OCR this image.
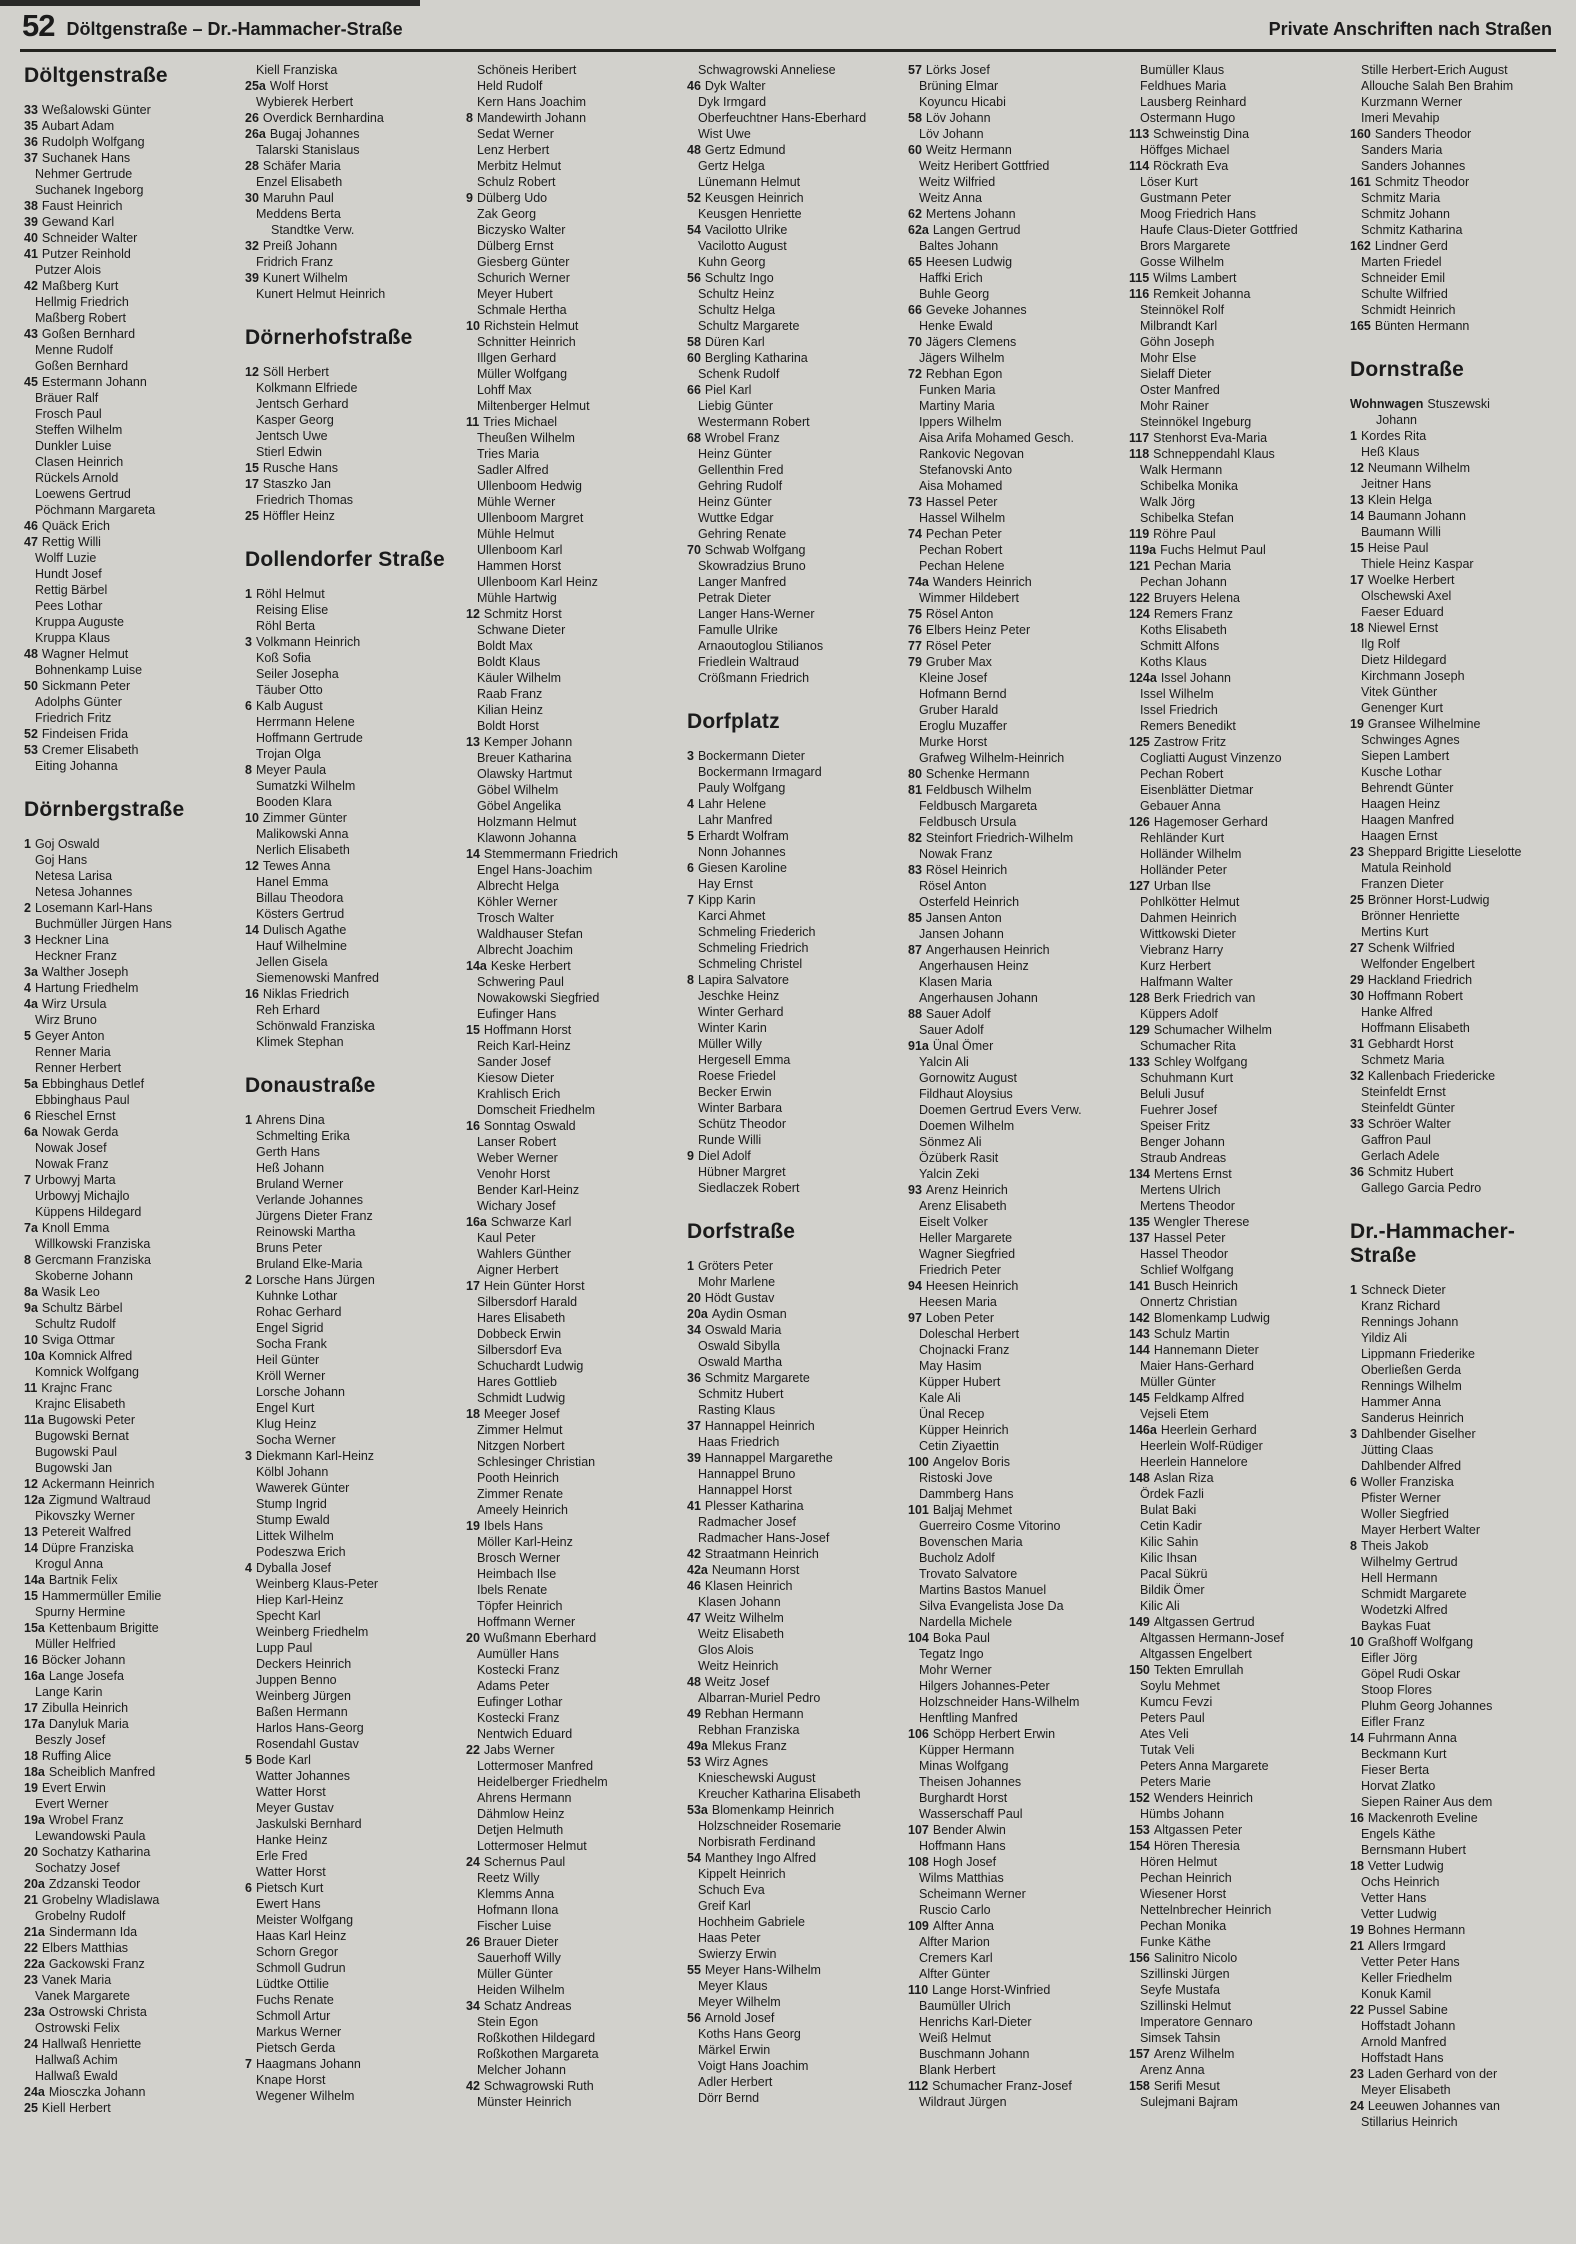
52 Döltgenstraße – Dr.-Hammacher-Straße	Private Anschriften nach Straßen
Döltgenstraße
33 Weßalowski Günter
35 Aubart Adam
36 Rudolph Wolfgang
37 Suchanek Hans
Nehmer Gertrude
Suchanek Ingeborg
38 Faust Heinrich
39 Gewand Karl
40 Schneider Walter
41 Putzer Reinhold
Putzer Alois
42 Maßberg Kurt
Hellmig Friedrich
Maßberg Robert
43 Goßen Bernhard
Menne Rudolf
Goßen Bernhard
45 Estermann Johann
Bräuer Ralf
Frosch Paul
Steffen Wilhelm
Dunkler Luise
Clasen Heinrich
Rückels Arnold
Loewens Gertrud
Pöchmann Margareta
46 Quäck Erich
47 Rettig Willi
Wolff Luzie
Hundt Josef
Rettig Bärbel
Pees Lothar
Kruppa Auguste
Kruppa Klaus
48 Wagner Helmut
Bohnenkamp Luise
50 Sickmann Peter
Adolphs Günter
Friedrich Fritz
52 Findeisen Frida
53 Cremer Elisabeth
Eiting Johanna
Dörnbergstraße
1 Goj Oswald
Goj Hans
Netesa Larisa
Netesa Johannes
2 Losemann Karl-Hans
Buchmüller Jürgen Hans
3 Heckner Lina
Heckner Franz
3a Walther Joseph
4 Hartung Friedhelm
4a Wirz Ursula
Wirz Bruno
5 Geyer Anton
Renner Maria
Renner Herbert
5a Ebbinghaus Detlef
Ebbinghaus Paul
6 Rieschel Ernst
6a Nowak Gerda
Nowak Josef
Nowak Franz
7 Urbowyj Marta
Urbowyj Michajlo
Küppens Hildegard
7a Knoll Emma
Willkowski Franziska
8 Gercmann Franziska
Skoberne Johann
8a Wasik Leo
9a Schultz Bärbel
Schultz Rudolf
10 Sviga Ottmar
10a Komnick Alfred
Komnick Wolfgang
11 Krajnc Franc
Krajnc Elisabeth
11a Bugowski Peter
Bugowski Bernat
Bugowski Paul
Bugowski Jan
12 Ackermann Heinrich
12a Zigmund Waltraud
Pikovszky Werner
13 Petereit Walfred
14 Düpre Franziska
Krogul Anna
14a Bartnik Felix
15 Hammermüller Emilie
Spurny Hermine
15a Kettenbaum Brigitte
Müller Helfried
16 Böcker Johann
16a Lange Josefa
Lange Karin
17 Zibulla Heinrich
17a Danyluk Maria
Beszly Josef
18 Ruffing Alice
18a Scheiblich Manfred
19 Evert Erwin
Evert Werner
19a Wrobel Franz
Lewandowski Paula
20 Sochatzy Katharina
Sochatzy Josef
20a Zdzanski Teodor
21 Grobelny Wladislawa
Grobelny Rudolf
21a Sindermann Ida
22 Elbers Matthias
22a Gackowski Franz
23 Vanek Maria
Vanek Margarete
23a Ostrowski Christa
Ostrowski Felix
24 Hallwaß Henriette
Hallwaß Achim
Hallwaß Ewald
24a Miosczka Johann
25 Kiell Herbert
Kiell Franziska
25a Wolf Horst
Wybierek Herbert
26 Overdick Bernhardina
26a Bugaj Johannes
Talarski Stanislaus
28 Schäfer Maria
Enzel Elisabeth
30 Maruhn Paul
Meddens Berta
Standtke Verw.
32 Preiß Johann
Fridrich Franz
39 Kunert Wilhelm
Kunert Helmut Heinrich
Dörnerhofstraße
12 Söll Herbert
Kolkmann Elfriede
Jentsch Gerhard
Kasper Georg
Jentsch Uwe
Stierl Edwin
15 Rusche Hans
17 Staszko Jan
Friedrich Thomas
25 Höffler Heinz
Dollendorfer Straße
1 Röhl Helmut
Reising Elise
Röhl Berta
3 Volkmann Heinrich
Koß Sofia
Seiler Josepha
Täuber Otto
6 Kalb August
Herrmann Helene
Hoffmann Gertrude
Trojan Olga
8 Meyer Paula
Sumatzki Wilhelm
Booden Klara
10 Zimmer Günter
Malikowski Anna
Nerlich Elisabeth
12 Tewes Anna
Hanel Emma
Billau Theodora
Kösters Gertrud
14 Dulisch Agathe
Hauf Wilhelmine
Jellen Gisela
Siemenowski Manfred
16 Niklas Friedrich
Reh Erhard
Schönwald Franziska
Klimek Stephan
Donaustraße
1 Ahrens Dina
Schmelting Erika
Gerth Hans
Heß Johann
Bruland Werner
Verlande Johannes
Jürgens Dieter Franz
Reinowski Martha
Bruns Peter
Bruland Elke-Maria
2 Lorsche Hans Jürgen
Kuhnke Lothar
Rohac Gerhard
Engel Sigrid
Socha Frank
Heil Günter
Kröll Werner
Lorsche Johann
Engel Kurt
Klug Heinz
Socha Werner
3 Diekmann Karl-Heinz
Kölbl Johann
Wawerek Günter
Stump Ingrid
Stump Ewald
Littek Wilhelm
Podeszwa Erich
4 Dyballa Josef
Weinberg Klaus-Peter
Hiep Karl-Heinz
Specht Karl
Weinberg Friedhelm
Lupp Paul
Deckers Heinrich
Juppen Benno
Weinberg Jürgen
Baßen Hermann
Harlos Hans-Georg
Rosendahl Gustav
5 Bode Karl
Watter Johannes
Watter Horst
Meyer Gustav
Jaskulski Bernhard
Hanke Heinz
Erle Fred
Watter Horst
6 Pietsch Kurt
Ewert Hans
Meister Wolfgang
Haas Karl Heinz
Schorn Gregor
Schmoll Gudrun
Lüdtke Ottilie
Fuchs Renate
Schmoll Artur
Markus Werner
Pietsch Gerda
7 Haagmans Johann
Knape Horst
Wegener Wilhelm
Schöneis Heribert
Held Rudolf
Kern Hans Joachim
8 Mandewirth Johann
Sedat Werner
Lenz Herbert
Merbitz Helmut
Schulz Robert
9 Dülberg Udo
Zak Georg
Biczysko Walter
Dülberg Ernst
Giesberg Günter
Schurich Werner
Meyer Hubert
Schmale Hertha
10 Richstein Helmut
Schnitter Heinrich
Illgen Gerhard
Müller Wolfgang
Lohff Max
Miltenberger Helmut
11 Tries Michael
Theußen Wilhelm
Tries Maria
Sadler Alfred
Ullenboom Hedwig
Mühle Werner
Ullenboom Margret
Mühle Helmut
Ullenboom Karl
Hammen Horst
Ullenboom Karl Heinz
Mühle Hartwig
12 Schmitz Horst
Schwane Dieter
Boldt Max
Boldt Klaus
Käuler Wilhelm
Raab Franz
Kilian Heinz
Boldt Horst
13 Kemper Johann
Breuer Katharina
Olawsky Hartmut
Göbel Wilhelm
Göbel Angelika
Holzmann Helmut
Klawonn Johanna
14 Stemmermann Friedrich
Engel Hans-Joachim
Albrecht Helga
Köhler Werner
Trosch Walter
Waldhauser Stefan
Albrecht Joachim
14a Keske Herbert
Schwering Paul
Nowakowski Siegfried
Eufinger Hans
15 Hoffmann Horst
Reich Karl-Heinz
Sander Josef
Kiesow Dieter
Krahlisch Erich
Domscheit Friedhelm
16 Sonntag Oswald
Lanser Robert
Weber Werner
Venohr Horst
Bender Karl-Heinz
Wichary Josef
16a Schwarze Karl
Kaul Peter
Wahlers Günther
Aigner Herbert
17 Hein Günter Horst
Silbersdorf Harald
Hares Elisabeth
Dobbeck Erwin
Silbersdorf Eva
Schuchardt Ludwig
Hares Gottlieb
Schmidt Ludwig
18 Meeger Josef
Zimmer Helmut
Nitzgen Norbert
Schlesinger Christian
Pooth Heinrich
Zimmer Renate
Ameely Heinrich
19 Ibels Hans
Möller Karl-Heinz
Brosch Werner
Heimbach Ilse
Ibels Renate
Töpfer Heinrich
Hoffmann Werner
20 Wußmann Eberhard
Aumüller Hans
Kostecki Franz
Adams Peter
Eufinger Lothar
Kostecki Franz
Nentwich Eduard
22 Jabs Werner
Lottermoser Manfred
Heidelberger Friedhelm
Ahrens Hermann
Dähmlow Heinz
Detjen Helmuth
Lottermoser Helmut
24 Schernus Paul
Reetz Willy
Klemms Anna
Hofmann Ilona
Fischer Luise
26 Brauer Dieter
Sauerhoff Willy
Müller Günter
Heiden Wilhelm
34 Schatz Andreas
Stein Egon
Roßkothen Hildegard
Roßkothen Margareta
Melcher Johann
42 Schwagrowski Ruth
Münster Heinrich
Schwagrowski Anneliese
46 Dyk Walter
Dyk Irmgard
Oberfeuchtner Hans-Eberhard
Wist Uwe
48 Gertz Edmund
Gertz Helga
Lünemann Helmut
52 Keusgen Heinrich
Keusgen Henriette
54 Vacilotto Ulrike
Vacilotto August
Kuhn Georg
56 Schultz Ingo
Schultz Heinz
Schultz Helga
Schultz Margarete
58 Düren Karl
60 Bergling Katharina
Schenk Rudolf
66 Piel Karl
Liebig Günter
Westermann Robert
68 Wrobel Franz
Heinz Günter
Gellenthin Fred
Gehring Rudolf
Heinz Günter
Wuttke Edgar
Gehring Renate
70 Schwab Wolfgang
Skowradzius Bruno
Langer Manfred
Petrak Dieter
Langer Hans-Werner
Famulle Ulrike
Arnaoutoglou Stilianos
Friedlein Waltraud
Crößmann Friedrich
Dorfplatz
3 Bockermann Dieter
Bockermann Irmagard
Pauly Wolfgang
4 Lahr Helene
Lahr Manfred
5 Erhardt Wolfram
Nonn Johannes
6 Giesen Karoline
Hay Ernst
7 Kipp Karin
Karci Ahmet
Schmeling Friederich
Schmeling Friedrich
Schmeling Christel
8 Lapira Salvatore
Jeschke Heinz
Winter Gerhard
Winter Karin
Müller Willy
Hergesell Emma
Roese Friedel
Becker Erwin
Winter Barbara
Schütz Theodor
Runde Willi
9 Diel Adolf
Hübner Margret
Siedlaczek Robert
Dorfstraße
1 Gröters Peter
Mohr Marlene
20 Hödt Gustav
20a Aydin Osman
34 Oswald Maria
Oswald Sibylla
Oswald Martha
36 Schmitz Margarete
Schmitz Hubert
Rasting Klaus
37 Hannappel Heinrich
Haas Friedrich
39 Hannappel Margarethe
Hannappel Bruno
Hannappel Horst
41 Plesser Katharina
Radmacher Josef
Radmacher Hans-Josef
42 Straatmann Heinrich
42a Neumann Horst
46 Klasen Heinrich
Klasen Johann
47 Weitz Wilhelm
Weitz Elisabeth
Glos Alois
Weitz Heinrich
48 Weitz Josef
Albarran-Muriel Pedro
49 Rebhan Hermann
Rebhan Franziska
49a Mlekus Franz
53 Wirz Agnes
Knieschewski August
Kreucher Katharina Elisabeth
53a Blomenkamp Heinrich
Holzschneider Rosemarie
Norbisrath Ferdinand
54 Manthey Ingo Alfred
Kippelt Heinrich
Schuch Eva
Greif Karl
Hochheim Gabriele
Haas Peter
Swierzy Erwin
55 Meyer Hans-Wilhelm
Meyer Klaus
Meyer Wilhelm
56 Arnold Josef
Koths Hans Georg
Märkel Erwin
Voigt Hans Joachim
Adler Herbert
Dörr Bernd
57 Lörks Josef
Brüning Elmar
Koyuncu Hicabi
58 Löv Johann
Löv Johann
60 Weitz Hermann
Weitz Heribert Gottfried
Weitz Wilfried
Weitz Anna
62 Mertens Johann
62a Langen Gertrud
Baltes Johann
65 Heesen Ludwig
Haffki Erich
Buhle Georg
66 Geveke Johannes
Henke Ewald
70 Jägers Clemens
Jägers Wilhelm
72 Rebhan Egon
Funken Maria
Martiny Maria
Ippers Wilhelm
Aisa Arifa Mohamed Gesch.
Rankovic Negovan
Stefanovski Anto
Aisa Mohamed
73 Hassel Peter
Hassel Wilhelm
74 Pechan Peter
Pechan Robert
Pechan Helene
74a Wanders Heinrich
Wimmer Hildebert
75 Rösel Anton
76 Elbers Heinz Peter
77 Rösel Peter
79 Gruber Max
Kleine Josef
Hofmann Bernd
Gruber Harald
Eroglu Muzaffer
Murke Horst
Grafweg Wilhelm-Heinrich
80 Schenke Hermann
81 Feldbusch Wilhelm
Feldbusch Margareta
Feldbusch Ursula
82 Steinfort Friedrich-Wilhelm
Nowak Franz
83 Rösel Heinrich
Rösel Anton
Osterfeld Heinrich
85 Jansen Anton
Jansen Johann
87 Angerhausen Heinrich
Angerhausen Heinz
Klasen Maria
Angerhausen Johann
88 Sauer Adolf
Sauer Adolf
91a Ünal Ömer
Yalcin Ali
Gornowitz August
Fildhaut Aloysius
Doemen Gertrud Evers Verw.
Doemen Wilhelm
Sönmez Ali
Özüberk Rasit
Yalcin Zeki
93 Arenz Heinrich
Arenz Elisabeth
Eiselt Volker
Heller Margarete
Wagner Siegfried
Friedrich Peter
94 Heesen Heinrich
Heesen Maria
97 Loben Peter
Doleschal Herbert
Chojnacki Franz
May Hasim
Küpper Hubert
Kale Ali
Ünal Recep
Küpper Heinrich
Cetin Ziyaettin
100 Angelov Boris
Ristoski Jove
Dammberg Hans
101 Baljaj Mehmet
Guerreiro Cosme Vitorino
Bovenschen Maria
Bucholz Adolf
Trovato Salvatore
Martins Bastos Manuel
Silva Evangelista Jose Da
Nardella Michele
104 Boka Paul
Tegatz Ingo
Mohr Werner
Hilgers Johannes-Peter
Holzschneider Hans-Wilhelm
Henftling Manfred
106 Schöpp Herbert Erwin
Küpper Hermann
Minas Wolfgang
Theisen Johannes
Burghardt Horst
Wasserschaff Paul
107 Bender Alwin
Hoffmann Hans
108 Hogh Josef
Wilms Matthias
Scheimann Werner
Ruscio Carlo
109 Alfter Anna
Alfter Marion
Cremers Karl
Alfter Günter
110 Lange Horst-Winfried
Baumüller Ulrich
Henrichs Karl-Dieter
Weiß Helmut
Buschmann Johann
Blank Herbert
112 Schumacher Franz-Josef
Wildraut Jürgen
Bumüller Klaus
Feldhues Maria
Lausberg Reinhard
Ostermann Hugo
113 Schweinstig Dina
Höffges Michael
114 Röckrath Eva
Löser Kurt
Gustmann Peter
Moog Friedrich Hans
Haufe Claus-Dieter Gottfried
Brors Margarete
Gosse Wilhelm
115 Wilms Lambert
116 Remkeit Johanna
Steinnökel Rolf
Milbrandt Karl
Göhn Joseph
Mohr Else
Sielaff Dieter
Oster Manfred
Mohr Rainer
Steinnökel Ingeburg
117 Stenhorst Eva-Maria
118 Schneppendahl Klaus
Walk Hermann
Schibelka Monika
Walk Jörg
Schibelka Stefan
119 Röhre Paul
119a Fuchs Helmut Paul
121 Pechan Maria
Pechan Johann
122 Bruyers Helena
124 Remers Franz
Koths Elisabeth
Schmitt Alfons
Koths Klaus
124a Issel Johann
Issel Wilhelm
Issel Friedrich
Remers Benedikt
125 Zastrow Fritz
Cogliatti August Vinzenzo
Pechan Robert
Eisenblätter Dietmar
Gebauer Anna
126 Hagemoser Gerhard
Rehländer Kurt
Holländer Wilhelm
Holländer Peter
127 Urban Ilse
Pohlkötter Helmut
Dahmen Heinrich
Wittkowski Dieter
Viebranz Harry
Kurz Herbert
Halfmann Walter
128 Berk Friedrich van
Küppers Adolf
129 Schumacher Wilhelm
Schumacher Rita
133 Schley Wolfgang
Schuhmann Kurt
Beluli Jusuf
Fuehrer Josef
Speiser Fritz
Benger Johann
Straub Andreas
134 Mertens Ernst
Mertens Ulrich
Mertens Theodor
135 Wengler Therese
137 Hassel Peter
Hassel Theodor
Schlief Wolfgang
141 Busch Heinrich
Onnertz Christian
142 Blomenkamp Ludwig
143 Schulz Martin
144 Hannemann Dieter
Maier Hans-Gerhard
Müller Günter
145 Feldkamp Alfred
Vejseli Etem
146a Heerlein Gerhard
Heerlein Wolf-Rüdiger
Heerlein Hannelore
148 Aslan Riza
Ördek Fazli
Bulat Baki
Cetin Kadir
Kilic Sahin
Kilic Ihsan
Pacal Sükrü
Bildik Ömer
Kilic Ali
149 Altgassen Gertrud
Altgassen Hermann-Josef
Altgassen Engelbert
150 Tekten Emrullah
Soylu Mehmet
Kumcu Fevzi
Peters Paul
Ates Veli
Tutak Veli
Peters Anna Margarete
Peters Marie
152 Wenders Heinrich
Hümbs Johann
153 Altgassen Peter
154 Hören Theresia
Hören Helmut
Pechan Heinrich
Wiesener Horst
Nettelnbrecher Heinrich
Pechan Monika
Funke Käthe
156 Salinitro Nicolo
Szillinski Jürgen
Seyfe Mustafa
Szillinski Helmut
Imperatore Gennaro
Simsek Tahsin
157 Arenz Wilhelm
Arenz Anna
158 Serifi Mesut
Sulejmani Bajram
Stille Herbert-Erich August
Allouche Salah Ben Brahim
Kurzmann Werner
Imeri Mevahip
160 Sanders Theodor
Sanders Maria
Sanders Johannes
161 Schmitz Theodor
Schmitz Maria
Schmitz Johann
Schmitz Katharina
162 Lindner Gerd
Marten Friedel
Schneider Emil
Schulte Wilfried
Schmidt Heinrich
165 Bünten Hermann
Dornstraße
Wohnwagen Stuszewski
Johann
1 Kordes Rita
Heß Klaus
12 Neumann Wilhelm
Jeitner Hans
13 Klein Helga
14 Baumann Johann
Baumann Willi
15 Heise Paul
Thiele Heinz Kaspar
17 Woelke Herbert
Olschewski Axel
Faeser Eduard
18 Niewel Ernst
Ilg Rolf
Dietz Hildegard
Kirchmann Joseph
Vitek Günther
Genenger Kurt
19 Gransee Wilhelmine
Schwinges Agnes
Siepen Lambert
Kusche Lothar
Behrendt Günter
Haagen Heinz
Haagen Manfred
Haagen Ernst
23 Sheppard Brigitte Lieselotte
Matula Reinhold
Franzen Dieter
25 Brönner Horst-Ludwig
Brönner Henriette
Mertins Kurt
27 Schenk Wilfried
Welfonder Engelbert
29 Hackland Friedrich
30 Hoffmann Robert
Hanke Alfred
Hoffmann Elisabeth
31 Gebhardt Horst
Schmetz Maria
32 Kallenbach Friedericke
Steinfeldt Ernst
Steinfeldt Günter
33 Schröer Walter
Gaffron Paul
Gerlach Adele
36 Schmitz Hubert
Gallego Garcia Pedro
Dr.-Hammacher-Straße
1 Schneck Dieter
Kranz Richard
Rennings Johann
Yildiz Ali
Lippmann Friederike
Oberließen Gerda
Rennings Wilhelm
Hammer Anna
Sanderus Heinrich
3 Dahlbender Giselher
Jütting Claas
Dahlbender Alfred
6 Woller Franziska
Pfister Werner
Woller Siegfried
Mayer Herbert Walter
8 Theis Jakob
Wilhelmy Gertrud
Hell Hermann
Schmidt Margarete
Wodetzki Alfred
Baykas Fuat
10 Graßhoff Wolfgang
Eifler Jörg
Göpel Rudi Oskar
Stoop Flores
Pluhm Georg Johannes
Eifler Franz
14 Fuhrmann Anna
Beckmann Kurt
Fieser Berta
Horvat Zlatko
Siepen Rainer Aus dem
16 Mackenroth Eveline
Engels Käthe
Bernsmann Hubert
18 Vetter Ludwig
Ochs Heinrich
Vetter Hans
Vetter Ludwig
19 Bohnes Hermann
21 Allers Irmgard
Vetter Peter Hans
Keller Friedhelm
Konuk Kamil
22 Pussel Sabine
Hoffstadt Johann
Arnold Manfred
Hoffstadt Hans
23 Laden Gerhard von der
Meyer Elisabeth
24 Leeuwen Johannes van
Stillarius Heinrich
